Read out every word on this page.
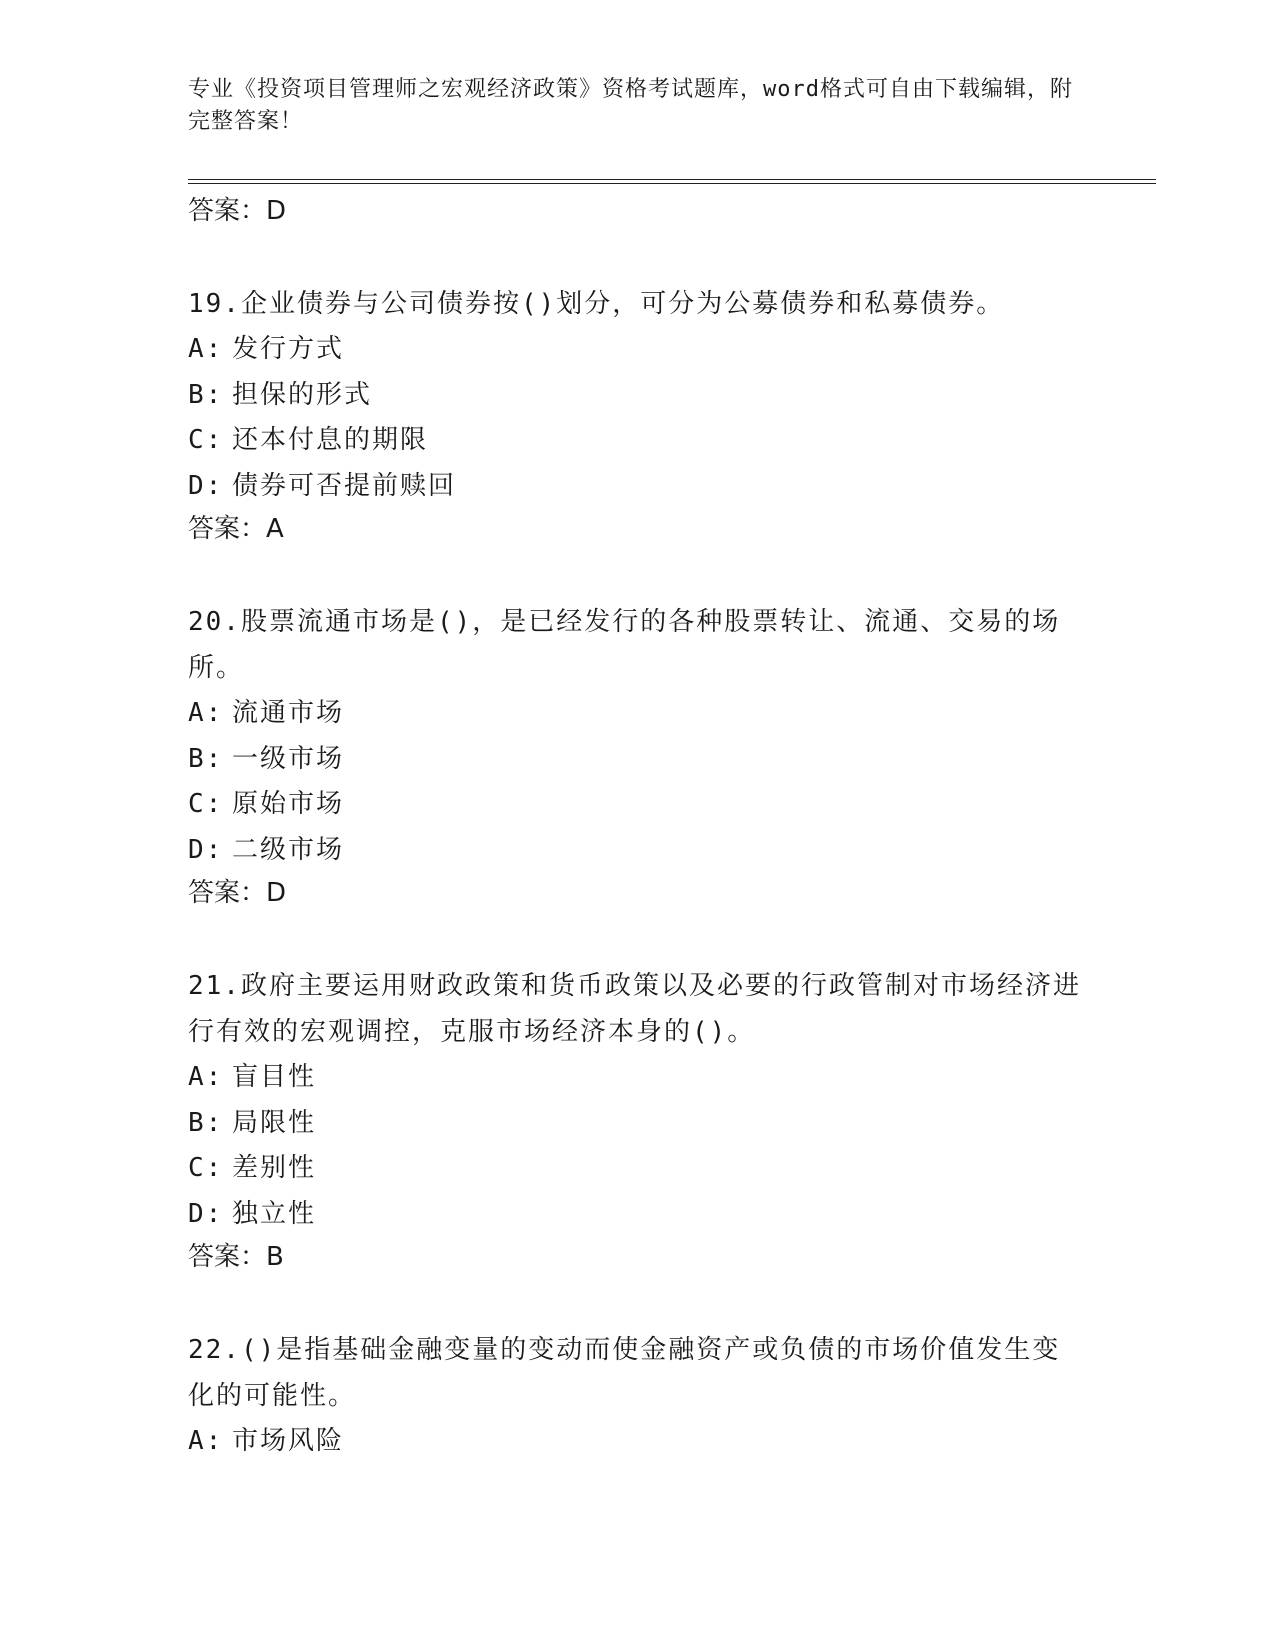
专业《投资项目管理师之宏观经济政策》资格考试题库，word格式可自由下载编辑，附完整答案！

答案：D

19.企业债券与公司债券按()划分，可分为公募债券和私募债券。

A: 发行方式

B: 担保的形式

C: 还本付息的期限

D: 债券可否提前赎回

答案：A

20.股票流通市场是()，是已经发行的各种股票转让、流通、交易的场所。

A: 流通市场

B: 一级市场

C: 原始市场

D: 二级市场

答案：D

21.政府主要运用财政政策和货币政策以及必要的行政管制对市场经济进行有效的宏观调控，克服市场经济本身的()。

A: 盲目性

B: 局限性

C: 差别性

D: 独立性

答案：B

22.()是指基础金融变量的变动而使金融资产或负债的市场价值发生变化的可能性。

A: 市场风险
